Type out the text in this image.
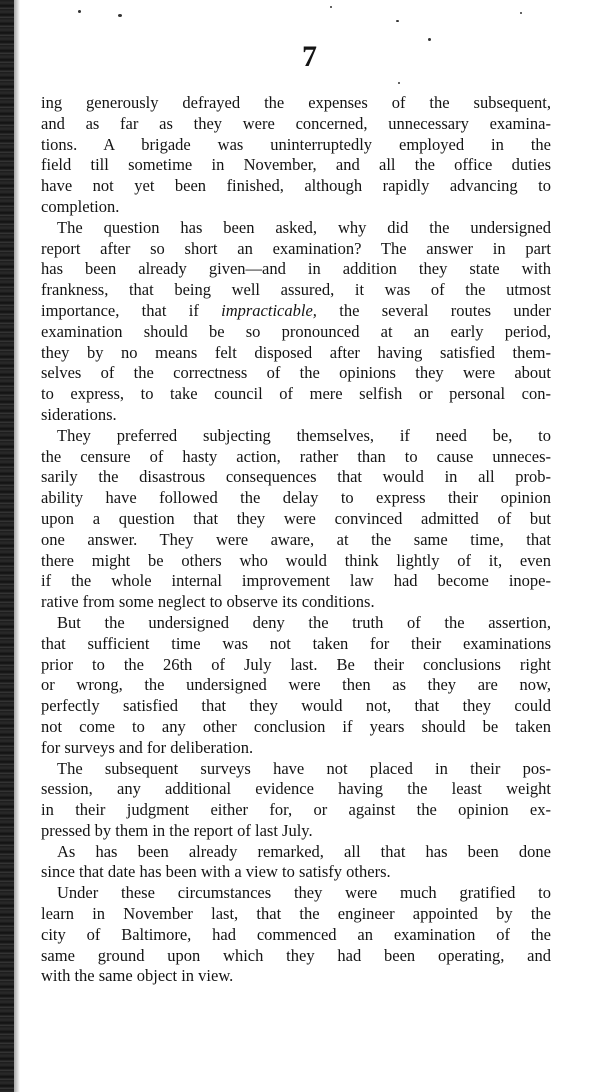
7

ing generously defrayed the expenses of the subsequent,
and as far as they were concerned, unnecessary examina-
tions. A brigade was uninterruptedly employed in the
field till sometime in November, and all the office duties
have not yet been finished, although rapidly advancing to
completion.

The question has been asked, why did the undersigned
report after so short an examination? The answer in part
has been already given—and in addition they state with
frankness, that being well assured, it was of the utmost
importance, that if impracticable, the several routes under
examination should be so pronounced at an early period,
they by no means felt disposed after having satisfied them-
selves of the correctness of the opinions they were about
to express, to take council of mere selfish or personal con-
siderations.

They preferred subjecting themselves, if need be, to
the censure of hasty action, rather than to cause unneces-
sarily the disastrous consequences that would in all prob-
ability have followed the delay to express their opinion
upon a question that they were convinced admitted of but
one answer. They were aware, at the same time, that
there might be others who would think lightly of it, even
if the whole internal improvement law had become inope-
rative from some neglect to observe its conditions.

But the undersigned deny the truth of the assertion,
that sufficient time was not taken for their examinations
prior to the 26th of July last. Be their conclusions right
or wrong, the undersigned were then as they are now,
perfectly satisfied that they would not, that they could
not come to any other conclusion if years should be taken
for surveys and for deliberation.

The subsequent surveys have not placed in their pos-
session, any additional evidence having the least weight
in their judgment either for, or against the opinion ex-
pressed by them in the report of last July.

As has been already remarked, all that has been done
since that date has been with a view to satisfy others.

Under these circumstances they were much gratified to
learn in November last, that the engineer appointed by the
city of Baltimore, had commenced an examination of the
same ground upon which they had been operating, and
with the same object in view.
